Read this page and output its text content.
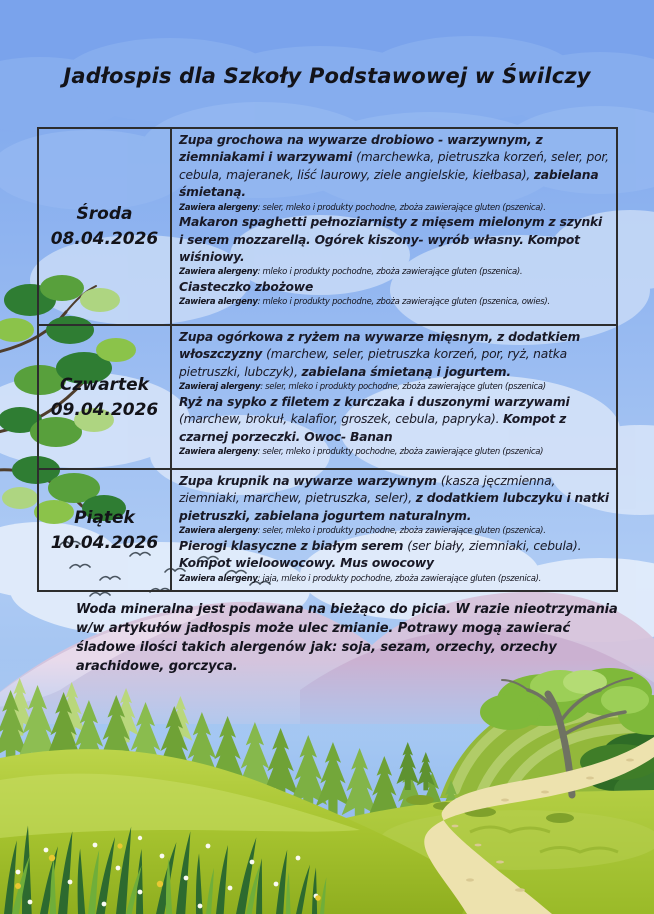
Jadłospis dla Szkoły Podstawowej w Świlczy
Środa
08.04.2026

Zupa grochowa na wywarze drobiowo - warzywnym, z ziemniakami i warzywami (marchewka, pietruszka korzeń, seler, por, cebula, majeranek, liść laurowy, ziele angielskie, kiełbasa), zabielana śmietaną.

Zawiera alergeny: seler, mleko i produkty pochodne, zboża zawierające gluten (pszenica).

Makaron spaghetti pełnoziarnisty z mięsem mielonym z szynki i serem mozzarellą. Ogórek kiszony- wyrób własny. Kompot wiśniowy.

Zawiera alergeny: mleko i produkty pochodne, zboża zawierające gluten (pszenica).

Ciasteczko zbożowe

Zawiera alergeny: mleko i produkty pochodne, zboża zawierające gluten (pszenica, owies).

Czwartek
09.04.2026

Zupa ogórkowa z ryżem na wywarze mięsnym, z dodatkiem włoszczyzny (marchew, seler, pietruszka korzeń, por, ryż, natka pietruszki, lubczyk), zabielana śmietaną i jogurtem.

Zawieraj alergeny: seler, mleko i produkty pochodne, zboża zawierające gluten (pszenica)

Ryż na sypko z filetem z kurczaka i duszonymi warzywami (marchew, brokuł, kalafior, groszek, cebula, papryka). Kompot z czarnej porzeczki. Owoc- Banan

Zawiera alergeny: seler, mleko i produkty pochodne, zboża zawierające gluten (pszenica)

Piątek
10.04.2026

Zupa krupnik na wywarze warzywnym (kasza jęczmienna, ziemniaki, marchew, pietruszka, seler), z dodatkiem lubczyku i natki pietruszki, zabielana jogurtem naturalnym.

Zawiera alergeny: seler, mleko i produkty pochodne, zboża zawierające gluten (pszenica).

Pierogi klasyczne z białym serem (ser biały, ziemniaki, cebula). Kompot wieloowocowy. Mus owocowy

Zawiera alergeny: jaja, mleko i produkty pochodne, zboża zawierające gluten (pszenica).

Woda mineralna jest podawana na bieżąco do picia. W razie nieotrzymania w/w artykułów jadłospis może ulec zmianie. Potrawy mogą zawierać śladowe ilości takich alergenów jak: soja, sezam, orzechy, orzechy arachidowe, gorczyca.
